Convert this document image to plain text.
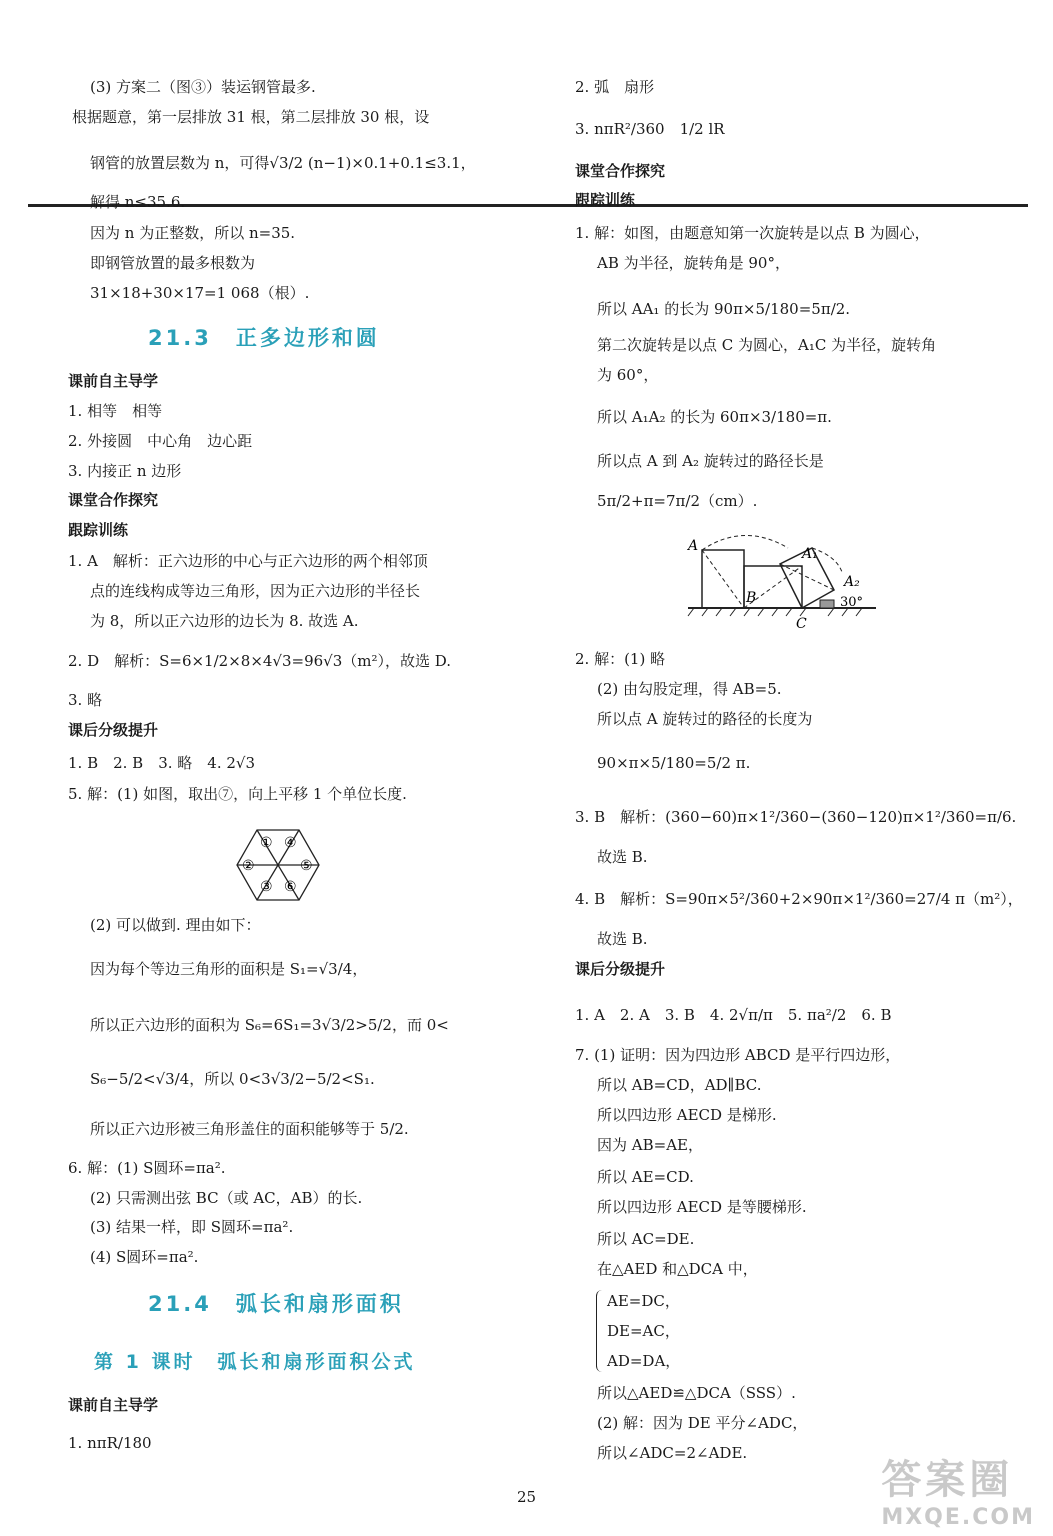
(3) 方案二（图③）装运钢管最多.
根据题意，第一层排放 31 根，第二层排放 30 根，设
钢管的放置层数为 n，可得√3/2 (n−1)×0.1+0.1≤3.1，
解得 n≤35.6.
因为 n 为正整数，所以 n=35.
即钢管放置的最多根数为
31×18+30×17=1 068（根）.
21.3　正多边形和圆
课前自主导学
1. 相等　相等
2. 外接圆　中心角　边心距
3. 内接正 n 边形
课堂合作探究
跟踪训练
1. A　解析：正六边形的中心与正六边形的两个相邻顶
点的连线构成等边三角形，因为正六边形的半径长
为 8，所以正六边形的边长为 8. 故选 A.
2. D　解析：S=6×1/2×8×4√3=96√3（m²），故选 D.
3. 略
课后分级提升
1. B　2. B　3. 略　4. 2√3
5. 解：(1) 如图，取出⑦，向上平移 1 个单位长度.
① ④
②	⑤
③ ⑥
(2) 可以做到. 理由如下：
因为每个等边三角形的面积是 S₁=√3/4，
所以正六边形的面积为 S₆=6S₁=3√3/2>5/2，而 0<
S₆−5/2<√3/4，所以 0<3√3/2−5/2<S₁.
所以正六边形被三角形盖住的面积能够等于 5/2.
6. 解：(1) S圆环=πa².
(2) 只需测出弦 BC（或 AC，AB）的长.
(3) 结果一样，即 S圆环=πa².
(4) S圆环=πa².
21.4　弧长和扇形面积
第 1 课时　弧长和扇形面积公式
课前自主导学
1. nπR/180
2. 弧　扇形
3. nπR²/360　1/2 lR
课堂合作探究
跟踪训练
1. 解：如图，由题意知第一次旋转是以点 B 为圆心，
AB 为半径，旋转角是 90°，
所以 AA₁ 的长为 90π×5/180=5π/2.
第二次旋转是以点 C 为圆心，A₁C 为半径，旋转角
为 60°，
所以 A₁A₂ 的长为 60π×3/180=π.
所以点 A 到 A₂ 旋转过的路径长是
5π/2+π=7π/2（cm）.
A	A₁
A₂
B
C
30°
2. 解：(1) 略
(2) 由勾股定理，得 AB=5.
所以点 A 旋转过的路径的长度为
90×π×5/180=5/2 π.
3. B　解析：(360−60)π×1²/360−(360−120)π×1²/360=π/6.
故选 B.
4. B　解析：S=90π×5²/360+2×90π×1²/360=27/4 π（m²），
故选 B.
课后分级提升
1. A　2. A　3. B　4. 2√π/π　5. πa²/2　6. B
7. (1) 证明：因为四边形 ABCD 是平行四边形，
所以 AB=CD，AD∥BC.
所以四边形 AECD 是梯形.
因为 AB=AE，
所以 AE=CD.
所以四边形 AECD 是等腰梯形.
所以 AC=DE.
在△AED 和△DCA 中，
AE=DC，
DE=AC，
AD=DA，
所以△AED≌△DCA（SSS）.
(2) 解：因为 DE 平分∠ADC，
所以∠ADC=2∠ADE.
25	答案圈
MXQE.COM
